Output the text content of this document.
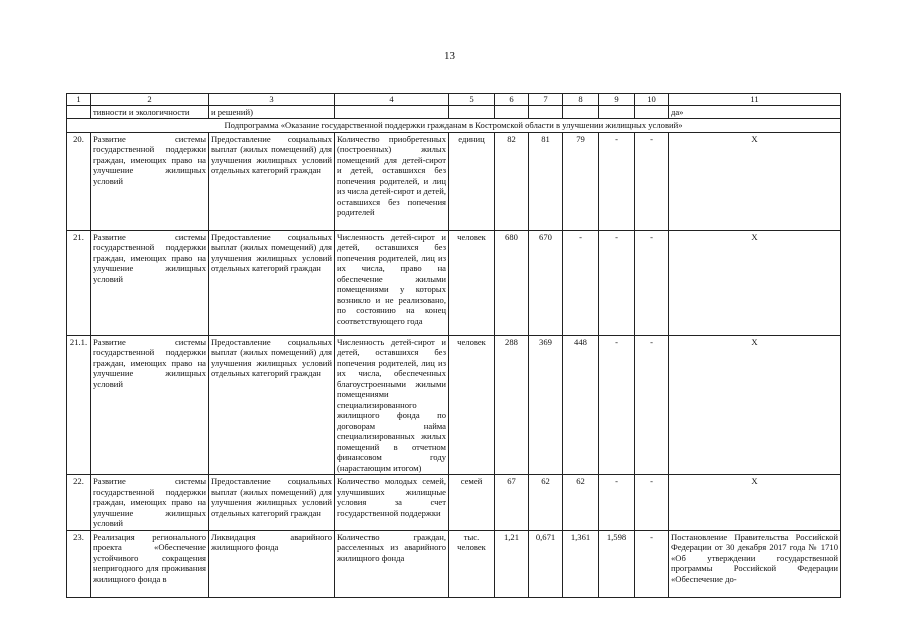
13
1	2	3	4	5	6	7	8	9	10	11
	тивности и экологичности	и решений)								да»
Подпрограмма «Оказание государственной поддержки гражданам в Костромской области в улучшении жилищных условий»										
20.	Развитие системы государственной поддержки граждан, имеющих право на улучшение жилищных условий	Предоставление социальных выплат (жилых помещений) для улучшения жилищных условий отдельных категорий граждан	Количество приобретенных (построенных) жилых помещений для детей-сирот и детей, оставшихся без попечения родителей, и лиц из числа детей-сирот и детей, оставшихся без попечения родителей	единиц	82	81	79	-	-	Х
21.	Развитие системы государственной поддержки граждан, имеющих право на улучшение жилищных условий	Предоставление социальных выплат (жилых помещений) для улучшения жилищных условий отдельных категорий граждан	Численность детей-сирот и детей, оставшихся без попечения родителей, лиц из их числа, право на обеспечение жилыми помещениями у которых возникло и не реализовано, по состоянию на конец соответствующего года	человек	680	670	-	-	-	Х
21.1.	Развитие системы государственной поддержки граждан, имеющих право на улучшение жилищных условий	Предоставление социальных выплат (жилых помещений) для улучшения жилищных условий отдельных категорий граждан	Численность детей-сирот и детей, оставшихся без попечения родителей, лиц из их числа, обеспеченных благоустроенными жилыми помещениями специализированного жилищного фонда по договорам найма специализированных жилых помещений в отчетном финансовом году (нарастающим итогом)	человек	288	369	448	-	-	Х
22.	Развитие системы государственной поддержки граждан, имеющих право на улучшение жилищных условий	Предоставление социальных выплат (жилых помещений) для улучшения жилищных условий отдельных категорий граждан	Количество молодых семей, улучшивших жилищные условия за счет государственной поддержки	семей	67	62	62	-	-	Х
23.	Реализация регионального проекта «Обеспечение устойчивого сокращения непригодного для проживания жилищного фонда в	Ликвидация аварийного жилищного фонда	Количество граждан, расселенных из аварийного жилищного фонда	тыс. человек	1,21	0,671	1,361	1,598	-	Постановление Правительства Российской Федерации от 30 декабря 2017 года № 1710 «Об утверждении государственной программы Российской Федерации «Обеспечение до-
